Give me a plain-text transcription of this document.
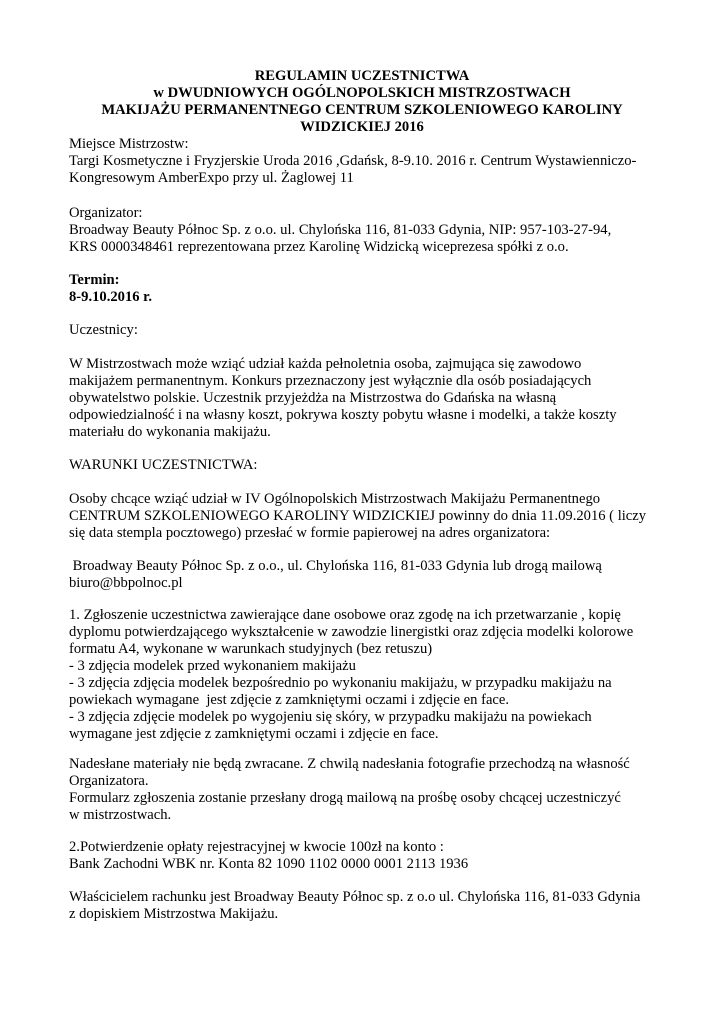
REGULAMIN UCZESTNICTWA
w DWUDNIOWYCH OGÓLNOPOLSKICH MISTRZOSTWACH
MAKIJAŻU PERMANENTNEGO CENTRUM SZKOLENIOWEGO KAROLINY
WIDZICKIEJ 2016
Miejsce Mistrzostw:
Targi Kosmetyczne i Fryzjerskie Uroda 2016 ,Gdańsk, 8-9.10. 2016 r. Centrum Wystawienniczo-
Kongresowym AmberExpo przy ul. Żaglowej 11
Organizator:
Broadway Beauty Północ Sp. z o.o. ul. Chylońska 116, 81-033 Gdynia, NIP: 957-103-27-94,
KRS 0000348461 reprezentowana przez Karolinę Widzicką wiceprezesa spółki z o.o.
Termin:
8-9.10.2016 r.
Uczestnicy:
W Mistrzostwach może wziąć udział każda pełnoletnia osoba, zajmująca się zawodowo
makijażem permanentnym. Konkurs przeznaczony jest wyłącznie dla osób posiadających
obywatelstwo polskie. Uczestnik przyjeżdża na Mistrzostwa do Gdańska na własną
odpowiedzialność i na własny koszt, pokrywa koszty pobytu własne i modelki, a także koszty
materiału do wykonania makijażu.
WARUNKI UCZESTNICTWA:
Osoby chcące wziąć udział w IV Ogólnopolskich Mistrzostwach Makijażu Permanentnego
CENTRUM SZKOLENIOWEGO KAROLINY WIDZICKIEJ powinny do dnia 11.09.2016 ( liczy
się data stempla pocztowego) przesłać w formie papierowej na adres organizatora:
Broadway Beauty Północ Sp. z o.o., ul. Chylońska 116, 81-033 Gdynia lub drogą mailową
biuro@bbpolnoc.pl
1. Zgłoszenie uczestnictwa zawierające dane osobowe oraz zgodę na ich przetwarzanie , kopię
dyplomu potwierdzającego wykształcenie w zawodzie linergistki oraz zdjęcia modelki kolorowe
formatu A4, wykonane w warunkach studyjnych (bez retuszu)
- 3 zdjęcia modelek przed wykonaniem makijażu
- 3 zdjęcia zdjęcia modelek bezpośrednio po wykonaniu makijażu, w przypadku makijażu na
powiekach wymagane  jest zdjęcie z zamkniętymi oczami i zdjęcie en face.
- 3 zdjęcia zdjęcie modelek po wygojeniu się skóry, w przypadku makijażu na powiekach
wymagane jest zdjęcie z zamkniętymi oczami i zdjęcie en face.
Nadesłane materiały nie będą zwracane. Z chwilą nadesłania fotografie przechodzą na własność
Organizatora.
Formularz zgłoszenia zostanie przesłany drogą mailową na prośbę osoby chcącej uczestniczyć
w mistrzostwach.
2.Potwierdzenie opłaty rejestracyjnej w kwocie 100zł na konto :
Bank Zachodni WBK nr. Konta 82 1090 1102 0000 0001 2113 1936
Właścicielem rachunku jest Broadway Beauty Północ sp. z o.o ul. Chylońska 116, 81-033 Gdynia
z dopiskiem Mistrzostwa Makijażu.
